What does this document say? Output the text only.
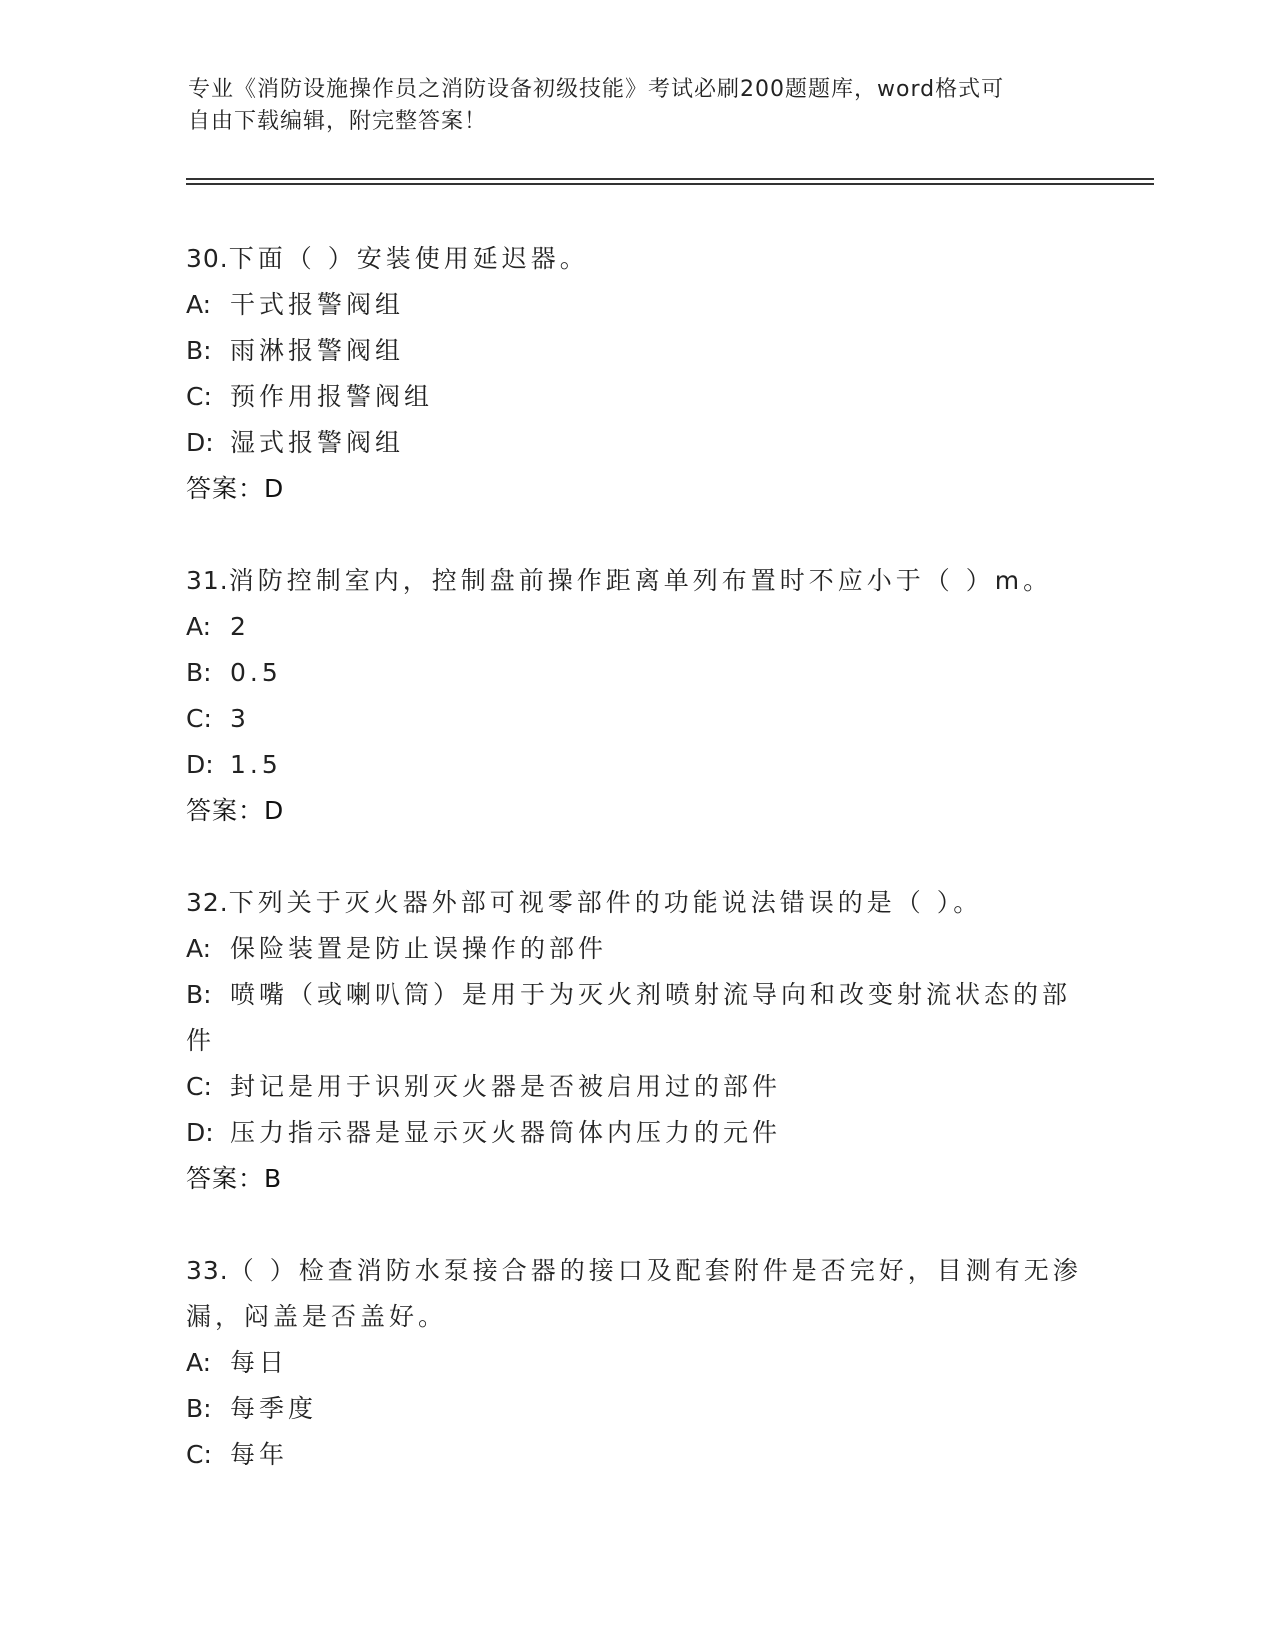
专业《消防设施操作员之消防设备初级技能》考试必刷200题题库，word格式可
自由下载编辑，附完整答案！

30.下面（ ）安装使用延迟器。

A: 干式报警阀组

B: 雨淋报警阀组

C: 预作用报警阀组

D: 湿式报警阀组

答案：D

31.消防控制室内，控制盘前操作距离单列布置时不应小于（ ）m。

A: 2

B: 0.5

C: 3

D: 1.5

答案：D

32.下列关于灭火器外部可视零部件的功能说法错误的是（ ）。

A: 保险装置是防止误操作的部件

B: 喷嘴（或喇叭筒）是用于为灭火剂喷射流导向和改变射流状态的部件

C: 封记是用于识别灭火器是否被启用过的部件

D: 压力指示器是显示灭火器筒体内压力的元件

答案：B

33.（ ）检查消防水泵接合器的接口及配套附件是否完好，目测有无渗漏，闷盖是否盖好。

A: 每日

B: 每季度

C: 每年
